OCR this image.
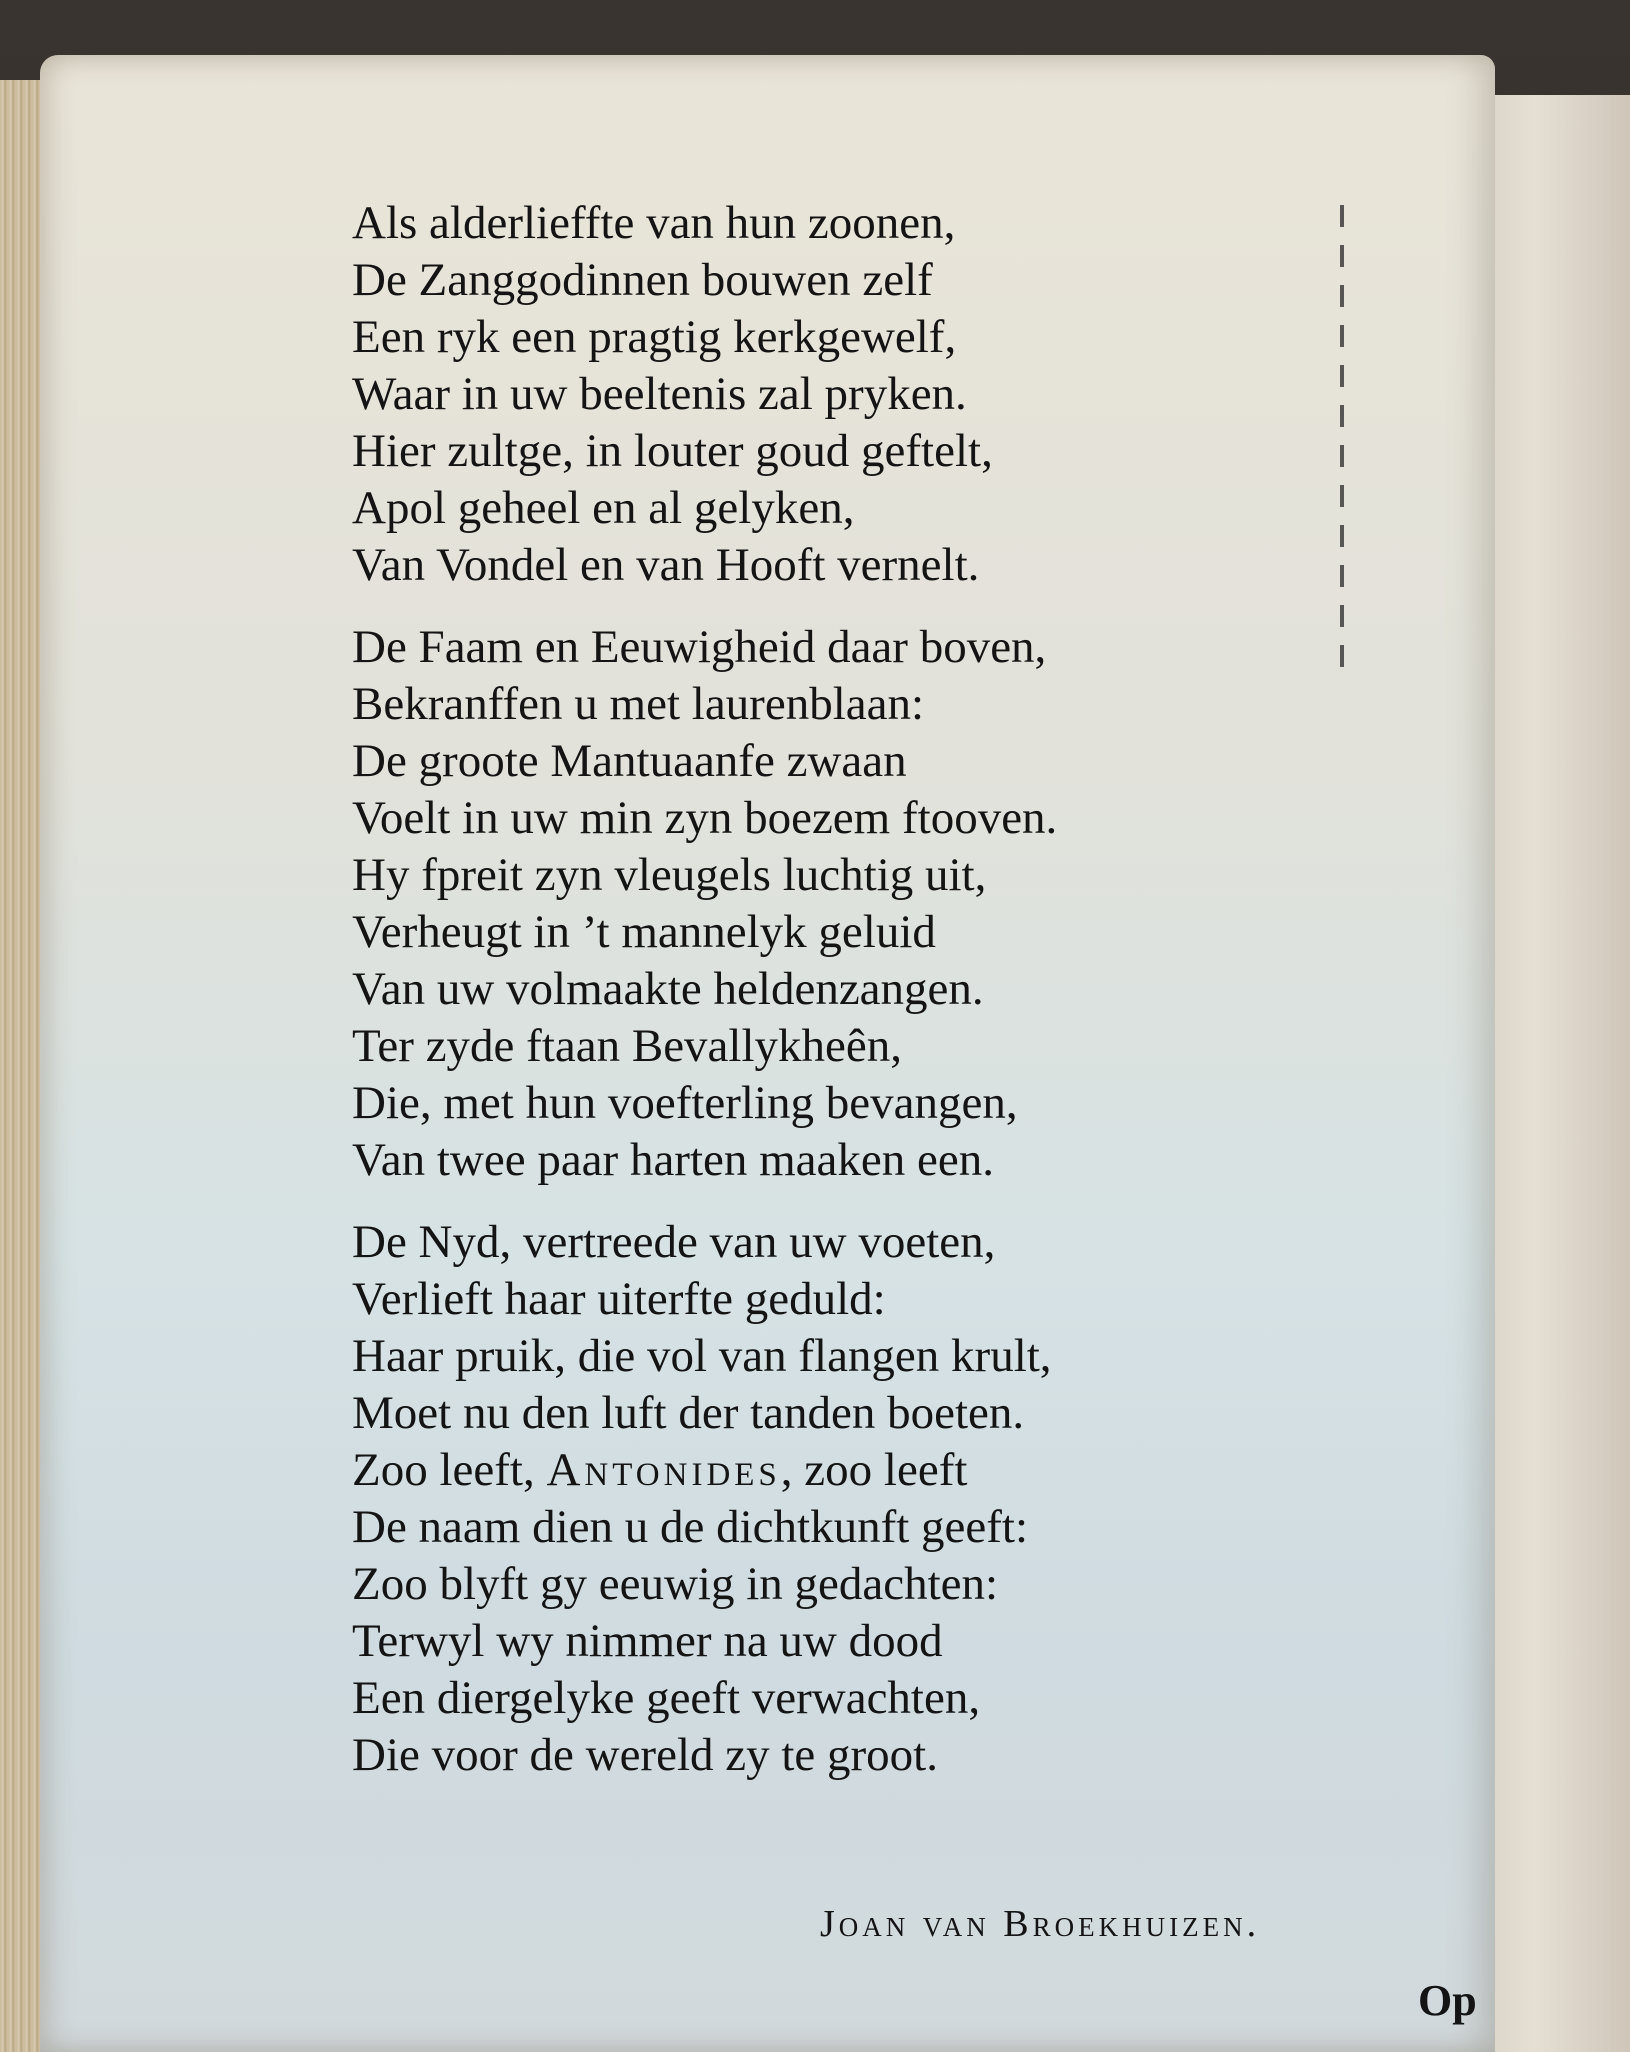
Als alderlieffte van hun zoonen,
De Zanggodinnen bouwen zelf
Een ryk een pragtig kerkgewelf,
Waar in uw beeltenis zal pryken.
Hier zultge, in louter goud geftelt,
Apol geheel en al gelyken,
Van Vondel en van Hooft vernelt.
De Faam en Eeuwigheid daar boven,
Bekranffen u met laurenblaan:
De groote Mantuaanfe zwaan
Voelt in uw min zyn boezem ftooven.
Hy fpreit zyn vleugels luchtig uit,
Verheugt in ’t mannelyk geluid
Van uw volmaakte heldenzangen.
Ter zyde ftaan Bevallykheên,
Die, met hun voefterling bevangen,
Van twee paar harten maaken een.
De Nyd, vertreede van uw voeten,
Verlieft haar uiterfte geduld:
Haar pruik, die vol van flangen krult,
Moet nu den luft der tanden boeten.
Zoo leeft, Antonides, zoo leeft
De naam dien u de dichtkunft geeft:
Zoo blyft gy eeuwig in gedachten:
Terwyl wy nimmer na uw dood
Een diergelyke geeft verwachten,
Die voor de wereld zy te groot.
Joan van Broekhuizen.
Op
